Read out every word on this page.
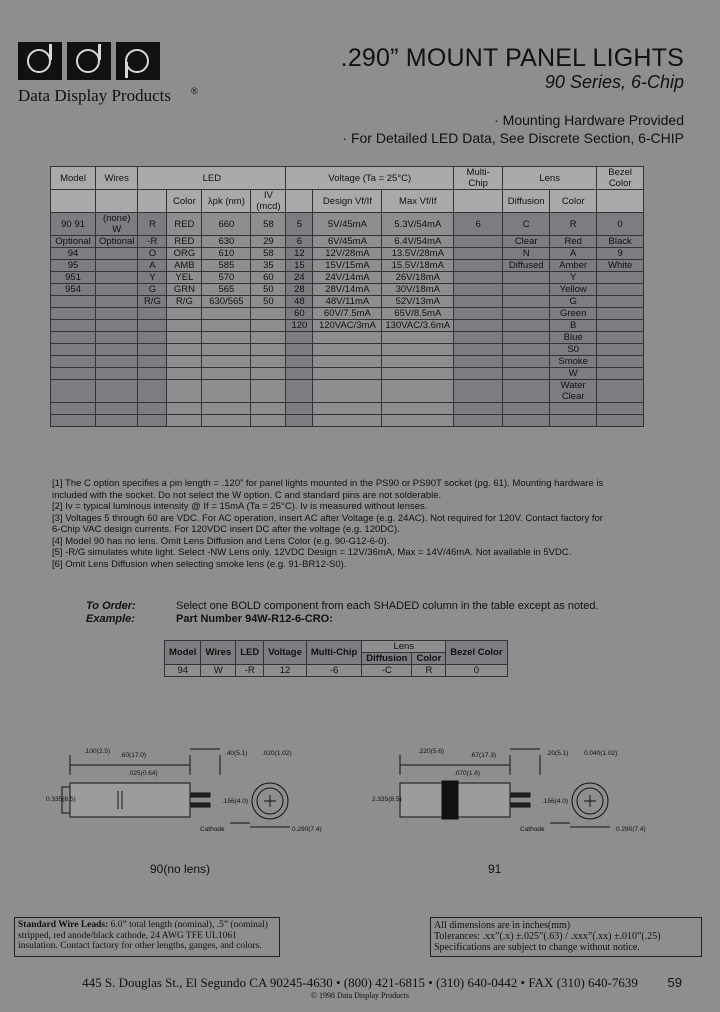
Data Display Products ®
.290” MOUNT PANEL LIGHTS
90 Series, 6-Chip
· Mounting Hardware Provided
· For Detailed LED Data, See Discrete Section, 6-CHIP
Model	Wires	LED				Voltage (Ta = 25°C)			Multi-Chip	Lens		Bezel Color
			Color	λpk (nm)	IV (mcd)		Design Vf/If	Max Vf/If		Diffusion	Color	
90 91	(none) W	R	RED	660	58	5	5V/45mA	5.3V/54mA	6	C	R	0
Optional	Optional	-R	RED	630	29	6	6V/45mA	6.4V/54mA		Clear	Red	Black
94		O	ORG	610	58	12	12V/28mA	13.5V/28mA		N	A	9
95		A	AMB	585	35	15	15V/15mA	15.5V/18mA		Diffused	Amber	White
951		Y	YEL	570	60	24	24V/14mA	26V/18mA			Y	
954		G	GRN	565	50	28	28V/14mA	30V/18mA			Yellow	
		R/G	R/G	630/565	50	48	48V/11mA	52V/13mA			G	
						60	60V/7.5mA	65V/8.5mA			Green	
						120	120VAC/3mA	130VAC/3.6mA			B	
											Blue	
											S0	
											Smoke	
											W	
											Water Clear	

[1] The C option specifies a pin length = .120” for panel lights mounted in the PS90 or PS90T socket (pg. 61). Mounting hardware is
included with the socket. Do not select the W option. C and standard pins are not solderable.
[2] Iv = typical luminous intensity @ If = 15mA (Ta = 25°C). Iv is measured without lenses.
[3] Voltages 5 through 60 are VDC. For AC operation, insert AC after Voltage (e.g. 24AC). Not required for 120V. Contact factory for
6-Chip VAC design currents. For 120VDC insert DC after the voltage (e.g. 120DC).
[4] Model 90 has no lens. Omit Lens Diffusion and Lens Color (e.g. 90-G12-6-0).
[5] -R/G simulates white light. Select -NW Lens only. 12VDC Design = 12V/36mA, Max = 14V/46mA. Not available in 5VDC.
[6] Omit Lens Diffusion when selecting smoke lens (e.g. 91-BR12-S0).
To Order:	Select one BOLD component from each SHADED column in the table except as noted.
Example:	Part Number 94W-R12-6-CRO:
Model	Wires	LED	Voltage	Multi-Chip	Lens		Bezel Color
					Diffusion	Color	
94	W	-R	12	-6	-C	R	0
.100(2.5)
.60(17.0)	.40(5.1) .020(1.02)
.025(0.64)
0.335(8.5)	.156(4.0)
Cathode	0.290(7.4)
.220(5.6)
.67(17.3)	.20(5.1) 0.040(1.02)
.070(1.8)
2.335(8.5)	.156(4.0)
Cathode	0.290(7.4)
90(no lens)	91
Standard Wire Leads: 6.0” total length (nominal), .5” (nominal) stripped, red anode/black cathode, 24 AWG TFE UL1061 insulation. Contact factory for other lengths, gauges, and colors.
All dimensions are in inches(mm)
Tolerances: .xx”(.x) ±.025”(.63) / .xxx”(.xx) ±.010”(.25)
Specifications are subject to change without notice.
445 S. Douglas St., El Segundo CA 90245-4630 • (800) 421-6815 • (310) 640-0442 • FAX (310) 640-7639
© 1998 Data Display Products
59
